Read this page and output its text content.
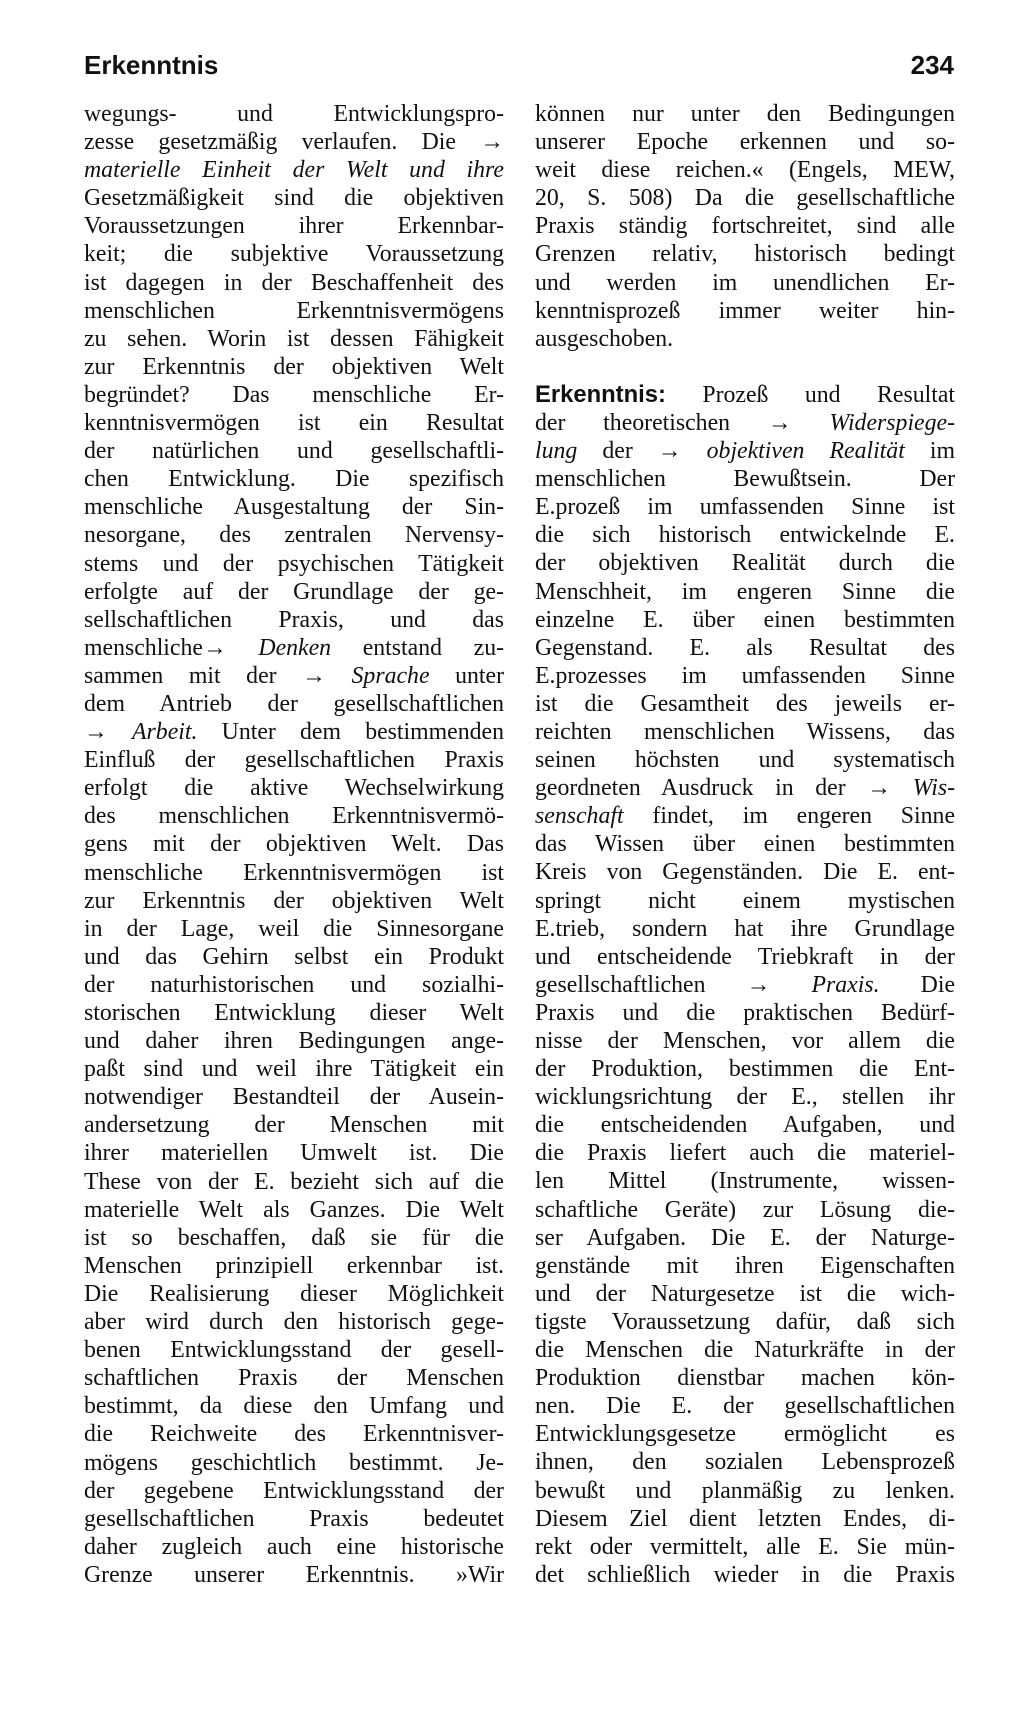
Erkenntnis	234
wegungs- und Entwicklungspro-
zesse gesetzmäßig verlaufen. Die →
materielle Einheit der Welt und ihre
Gesetzmäßigkeit sind die objektiven
Voraussetzungen ihrer Erkennbar-
keit; die subjektive Voraussetzung
ist dagegen in der Beschaffenheit des
menschlichen Erkenntnisvermögens
zu sehen. Worin ist dessen Fähigkeit
zur Erkenntnis der objektiven Welt
begründet? Das menschliche Er-
kenntnisvermögen ist ein Resultat
der natürlichen und gesellschaftli-
chen Entwicklung. Die spezifisch
menschliche Ausgestaltung der Sin-
nesorgane, des zentralen Nervensy-
stems und der psychischen Tätigkeit
erfolgte auf der Grundlage der ge-
sellschaftlichen Praxis, und das
menschliche→ Denken entstand zu-
sammen mit der → Sprache unter
dem Antrieb der gesellschaftlichen
→ Arbeit. Unter dem bestimmenden
Einfluß der gesellschaftlichen Praxis
erfolgt die aktive Wechselwirkung
des menschlichen Erkenntnisvermö-
gens mit der objektiven Welt. Das
menschliche Erkenntnisvermögen ist
zur Erkenntnis der objektiven Welt
in der Lage, weil die Sinnesorgane
und das Gehirn selbst ein Produkt
der naturhistorischen und sozialhi-
storischen Entwicklung dieser Welt
und daher ihren Bedingungen ange-
paßt sind und weil ihre Tätigkeit ein
notwendiger Bestandteil der Ausein-
andersetzung der Menschen mit
ihrer materiellen Umwelt ist. Die
These von der E. bezieht sich auf die
materielle Welt als Ganzes. Die Welt
ist so beschaffen, daß sie für die
Menschen prinzipiell erkennbar ist.
Die Realisierung dieser Möglichkeit
aber wird durch den historisch gege-
benen Entwicklungsstand der gesell-
schaftlichen Praxis der Menschen
bestimmt, da diese den Umfang und
die Reichweite des Erkenntnisver-
mögens geschichtlich bestimmt. Je-
der gegebene Entwicklungsstand der
gesellschaftlichen Praxis bedeutet
daher zugleich auch eine historische
Grenze unserer Erkenntnis. »Wir
können nur unter den Bedingungen
unserer Epoche erkennen und so-
weit diese reichen.« (Engels, MEW,
20, S. 508) Da die gesellschaftliche
Praxis ständig fortschreitet, sind alle
Grenzen relativ, historisch bedingt
und werden im unendlichen Er-
kenntnisprozeß immer weiter hin-
ausgeschoben.
Erkenntnis: Prozeß und Resultat
der theoretischen → Widerspiege-
lung der → objektiven Realität im
menschlichen Bewußtsein. Der
E.prozeß im umfassenden Sinne ist
die sich historisch entwickelnde E.
der objektiven Realität durch die
Menschheit, im engeren Sinne die
einzelne E. über einen bestimmten
Gegenstand. E. als Resultat des
E.prozesses im umfassenden Sinne
ist die Gesamtheit des jeweils er-
reichten menschlichen Wissens, das
seinen höchsten und systematisch
geordneten Ausdruck in der → Wis-
senschaft findet, im engeren Sinne
das Wissen über einen bestimmten
Kreis von Gegenständen. Die E. ent-
springt nicht einem mystischen
E.trieb, sondern hat ihre Grundlage
und entscheidende Triebkraft in der
gesellschaftlichen → Praxis. Die
Praxis und die praktischen Bedürf-
nisse der Menschen, vor allem die
der Produktion, bestimmen die Ent-
wicklungsrichtung der E., stellen ihr
die entscheidenden Aufgaben, und
die Praxis liefert auch die materiel-
len Mittel (Instrumente, wissen-
schaftliche Geräte) zur Lösung die-
ser Aufgaben. Die E. der Naturge-
genstände mit ihren Eigenschaften
und der Naturgesetze ist die wich-
tigste Voraussetzung dafür, daß sich
die Menschen die Naturkräfte in der
Produktion dienstbar machen kön-
nen. Die E. der gesellschaftlichen
Entwicklungsgesetze ermöglicht es
ihnen, den sozialen Lebensprozeß
bewußt und planmäßig zu lenken.
Diesem Ziel dient letzten Endes, di-
rekt oder vermittelt, alle E. Sie mün-
det schließlich wieder in die Praxis
